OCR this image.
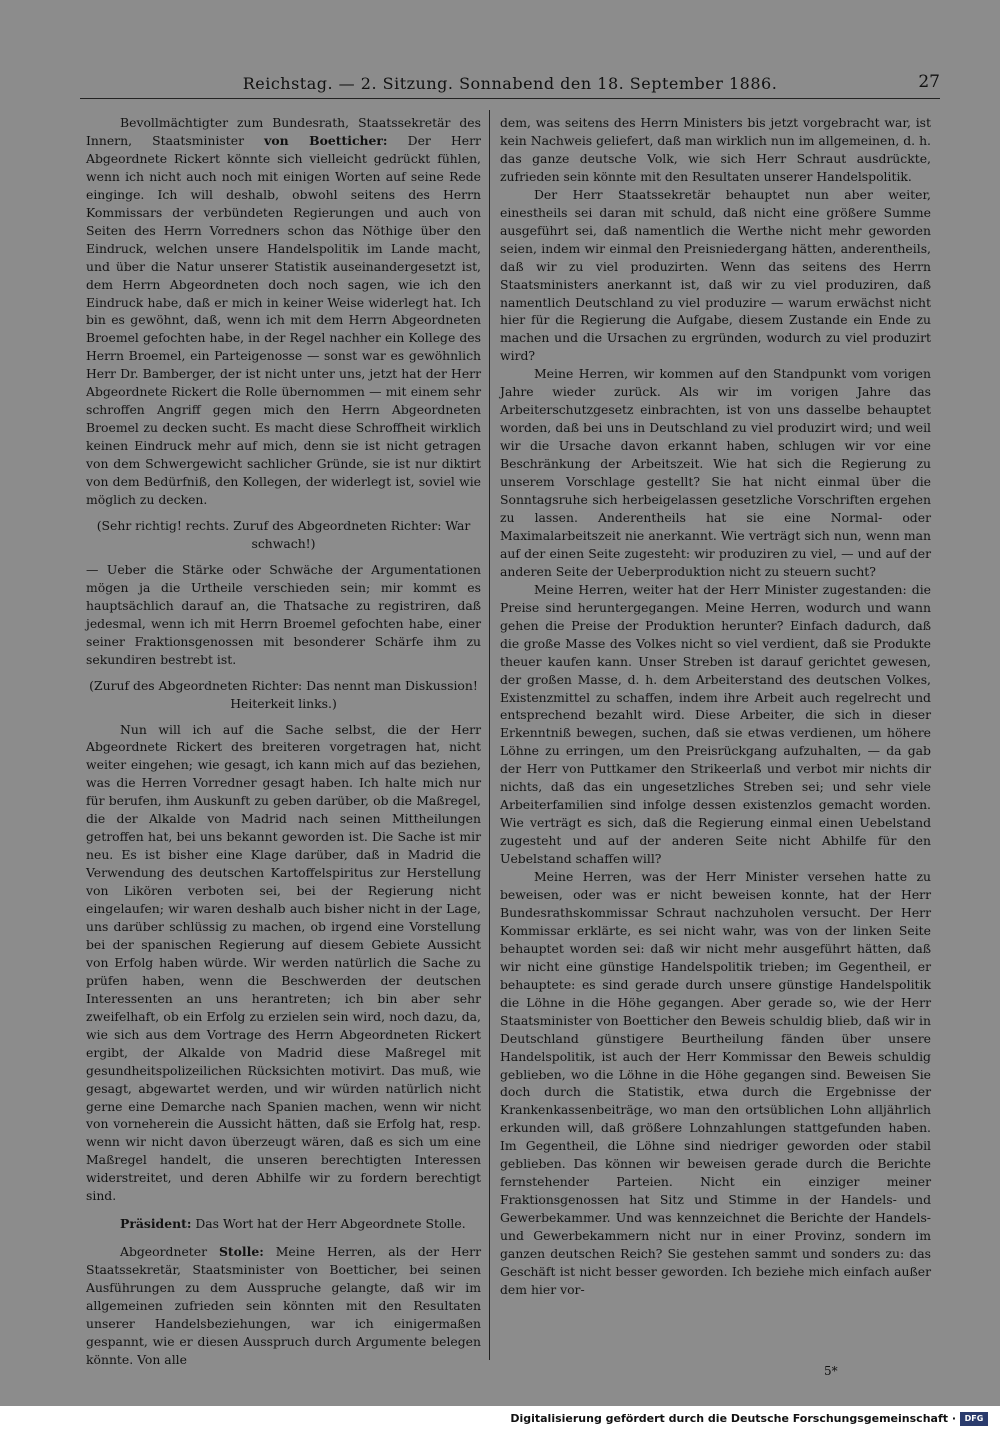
Reichstag. — 2. Sitzung. Sonnabend den 18. September 1886.	27

Bevollmächtigter zum Bundesrath, Staatssekretär des Innern, Staatsminister von Boetticher: Der Herr Abgeordnete Rickert könnte sich vielleicht gedrückt fühlen, wenn ich nicht auch noch mit einigen Worten auf seine Rede einginge. Ich will deshalb, obwohl seitens des Herrn Kommissars der verbündeten Regierungen und auch von Seiten des Herrn Vorredners schon das Nöthige über den Eindruck, welchen unsere Handelspolitik im Lande macht, und über die Natur unserer Statistik auseinandergesetzt ist, dem Herrn Abgeordneten doch noch sagen, wie ich den Eindruck habe, daß er mich in keiner Weise widerlegt hat. Ich bin es gewöhnt, daß, wenn ich mit dem Herrn Abgeordneten Broemel gefochten habe, in der Regel nachher ein Kollege des Herrn Broemel, ein Parteigenosse — sonst war es gewöhnlich Herr Dr. Bamberger, der ist nicht unter uns, jetzt hat der Herr Abgeordnete Rickert die Rolle übernommen — mit einem sehr schroffen Angriff gegen mich den Herrn Abgeordneten Broemel zu decken sucht. Es macht diese Schroffheit wirklich keinen Eindruck mehr auf mich, denn sie ist nicht getragen von dem Schwergewicht sachlicher Gründe, sie ist nur diktirt von dem Bedürfniß, den Kollegen, der widerlegt ist, soviel wie möglich zu decken.

(Sehr richtig! rechts. Zuruf des Abgeordneten Richter: War schwach!)

— Ueber die Stärke oder Schwäche der Argumentationen mögen ja die Urtheile verschieden sein; mir kommt es hauptsächlich darauf an, die Thatsache zu registriren, daß jedesmal, wenn ich mit Herrn Broemel gefochten habe, einer seiner Fraktionsgenossen mit besonderer Schärfe ihm zu sekundiren bestrebt ist.

(Zuruf des Abgeordneten Richter: Das nennt man Diskussion! Heiterkeit links.)

Nun will ich auf die Sache selbst, die der Herr Abgeordnete Rickert des breiteren vorgetragen hat, nicht weiter eingehen; wie gesagt, ich kann mich auf das beziehen, was die Herren Vorredner gesagt haben. Ich halte mich nur für berufen, ihm Auskunft zu geben darüber, ob die Maßregel, die der Alkalde von Madrid nach seinen Mittheilungen getroffen hat, bei uns bekannt geworden ist. Die Sache ist mir neu. Es ist bisher eine Klage darüber, daß in Madrid die Verwendung des deutschen Kartoffelspiritus zur Herstellung von Likören verboten sei, bei der Regierung nicht eingelaufen; wir waren deshalb auch bisher nicht in der Lage, uns darüber schlüssig zu machen, ob irgend eine Vorstellung bei der spanischen Regierung auf diesem Gebiete Aussicht von Erfolg haben würde. Wir werden natürlich die Sache zu prüfen haben, wenn die Beschwerden der deutschen Interessenten an uns herantreten; ich bin aber sehr zweifelhaft, ob ein Erfolg zu erzielen sein wird, noch dazu, da, wie sich aus dem Vortrage des Herrn Abgeordneten Rickert ergibt, der Alkalde von Madrid diese Maßregel mit gesundheitspolizeilichen Rücksichten motivirt. Das muß, wie gesagt, abgewartet werden, und wir würden natürlich nicht gerne eine Demarche nach Spanien machen, wenn wir nicht von vorneherein die Aussicht hätten, daß sie Erfolg hat, resp. wenn wir nicht davon überzeugt wären, daß es sich um eine Maßregel handelt, die unseren berechtigten Interessen widerstreitet, und deren Abhilfe wir zu fordern berechtigt sind.

Präsident: Das Wort hat der Herr Abgeordnete Stolle.

Abgeordneter Stolle: Meine Herren, als der Herr Staatssekretär, Staatsminister von Boetticher, bei seinen Ausführungen zu dem Ausspruche gelangte, daß wir im allgemeinen zufrieden sein könnten mit den Resultaten unserer Handelsbeziehungen, war ich einigermaßen gespannt, wie er diesen Ausspruch durch Argumente belegen könnte. Von alle

dem, was seitens des Herrn Ministers bis jetzt vorgebracht war, ist kein Nachweis geliefert, daß man wirklich nun im allgemeinen, d. h. das ganze deutsche Volk, wie sich Herr Schraut ausdrückte, zufrieden sein könnte mit den Resultaten unserer Handelspolitik.

Der Herr Staatssekretär behauptet nun aber weiter, einestheils sei daran mit schuld, daß nicht eine größere Summe ausgeführt sei, daß namentlich die Werthe nicht mehr geworden seien, indem wir einmal den Preisniedergang hätten, anderentheils, daß wir zu viel produzirten. Wenn das seitens des Herrn Staatsministers anerkannt ist, daß wir zu viel produziren, daß namentlich Deutschland zu viel produzire — warum erwächst nicht hier für die Regierung die Aufgabe, diesem Zustande ein Ende zu machen und die Ursachen zu ergründen, wodurch zu viel produzirt wird?

Meine Herren, wir kommen auf den Standpunkt vom vorigen Jahre wieder zurück. Als wir im vorigen Jahre das Arbeiterschutzgesetz einbrachten, ist von uns dasselbe behauptet worden, daß bei uns in Deutschland zu viel produzirt wird; und weil wir die Ursache davon erkannt haben, schlugen wir vor eine Beschränkung der Arbeitszeit. Wie hat sich die Regierung zu unserem Vorschlage gestellt? Sie hat nicht einmal über die Sonntagsruhe sich herbeigelassen gesetzliche Vorschriften ergehen zu lassen. Anderentheils hat sie eine Normal- oder Maximalarbeitszeit nie anerkannt. Wie verträgt sich nun, wenn man auf der einen Seite zugesteht: wir produziren zu viel, — und auf der anderen Seite der Ueberproduktion nicht zu steuern sucht?

Meine Herren, weiter hat der Herr Minister zugestanden: die Preise sind heruntergegangen. Meine Herren, wodurch und wann gehen die Preise der Produktion herunter? Einfach dadurch, daß die große Masse des Volkes nicht so viel verdient, daß sie Produkte theuer kaufen kann. Unser Streben ist darauf gerichtet gewesen, der großen Masse, d. h. dem Arbeiterstand des deutschen Volkes, Existenzmittel zu schaffen, indem ihre Arbeit auch regelrecht und entsprechend bezahlt wird. Diese Arbeiter, die sich in dieser Erkenntniß bewegen, suchen, daß sie etwas verdienen, um höhere Löhne zu erringen, um den Preisrückgang aufzuhalten, — da gab der Herr von Puttkamer den Strikeerlaß und verbot mir nichts dir nichts, daß das ein ungesetzliches Streben sei; und sehr viele Arbeiterfamilien sind infolge dessen existenzlos gemacht worden. Wie verträgt es sich, daß die Regierung einmal einen Uebelstand zugesteht und auf der anderen Seite nicht Abhilfe für den Uebelstand schaffen will?

Meine Herren, was der Herr Minister versehen hatte zu beweisen, oder was er nicht beweisen konnte, hat der Herr Bundesrathskommissar Schraut nachzuholen versucht. Der Herr Kommissar erklärte, es sei nicht wahr, was von der linken Seite behauptet worden sei: daß wir nicht mehr ausgeführt hätten, daß wir nicht eine günstige Handelspolitik trieben; im Gegentheil, er behauptete: es sind gerade durch unsere günstige Handelspolitik die Löhne in die Höhe gegangen. Aber gerade so, wie der Herr Staatsminister von Boetticher den Beweis schuldig blieb, daß wir in Deutschland günstigere Beurtheilung fänden über unsere Handelspolitik, ist auch der Herr Kommissar den Beweis schuldig geblieben, wo die Löhne in die Höhe gegangen sind. Beweisen Sie doch durch die Statistik, etwa durch die Ergebnisse der Krankenkassenbeiträge, wo man den ortsüblichen Lohn alljährlich erkunden will, daß größere Lohnzahlungen stattgefunden haben. Im Gegentheil, die Löhne sind niedriger geworden oder stabil geblieben. Das können wir beweisen gerade durch die Berichte fernstehender Parteien. Nicht ein einziger meiner Fraktionsgenossen hat Sitz und Stimme in der Handels- und Gewerbekammer. Und was kennzeichnet die Berichte der Handels- und Gewerbekammern nicht nur in einer Provinz, sondern im ganzen deutschen Reich? Sie gestehen sammt und sonders zu: das Geschäft ist nicht besser geworden. Ich beziehe mich einfach außer dem hier vor-

5*
Digitalisierung gefördert durch die Deutsche Forschungsgemeinschaft ·	DFG
